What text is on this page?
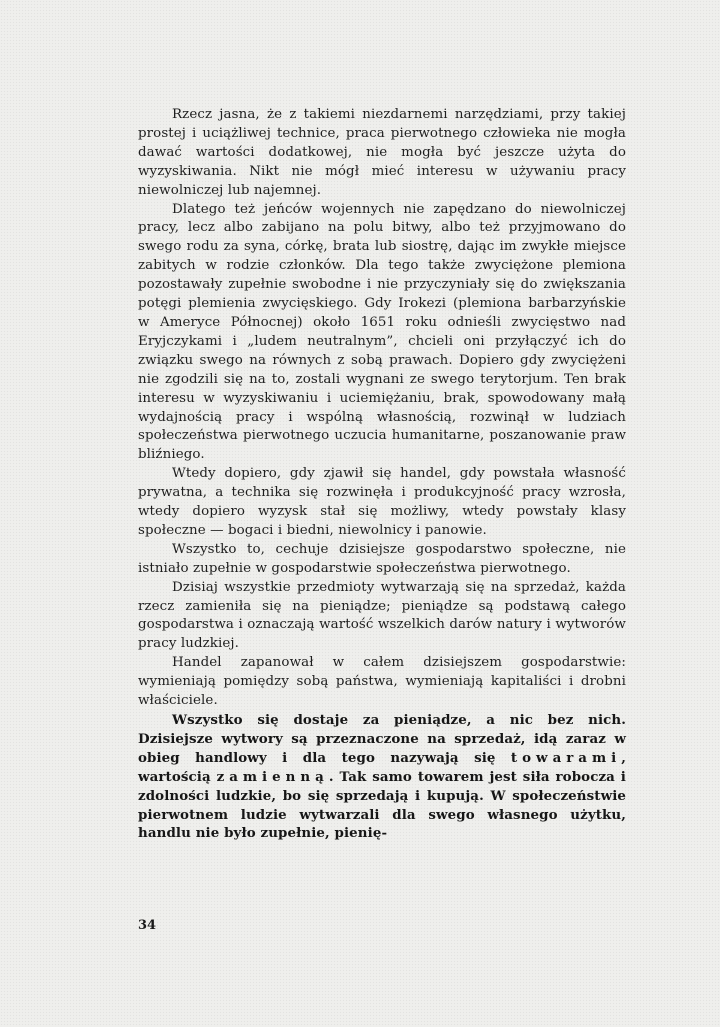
Rzecz jasna, że z takiemi niezdarnemi narzędziami, przy takiej prostej i uciążliwej technice, praca pierwotnego człowieka nie mogła dawać wartości dodatkowej, nie mogła być jeszcze użyta do wyzyskiwania. Nikt nie mógł mieć interesu w używaniu pracy niewolniczej lub najemnej.

Dlatego też jeńców wojennych nie zapędzano do niewolniczej pracy, lecz albo zabijano na polu bitwy, albo też przyjmowano do swego rodu za syna, córkę, brata lub siostrę, dając im zwykłe miejsce zabitych w rodzie członków. Dla tego także zwyciężone plemiona pozostawały zupełnie swobodne i nie przyczyniały się do zwiększania potęgi plemienia zwycięskiego. Gdy Irokezi (plemiona barbarzyńskie w Ameryce Północnej) około 1651 roku odnieśli zwycięstwo nad Eryjczykami i „ludem neutralnym”, chcieli oni przyłączyć ich do związku swego na równych z sobą prawach. Dopiero gdy zwyciężeni nie zgodzili się na to, zostali wygnani ze swego terytorjum. Ten brak interesu w wyzyskiwaniu i uciemiężaniu, brak, spowodowany małą wydajnością pracy i wspólną własnością, rozwinął w ludziach społeczeństwa pierwotnego uczucia humanitarne, poszanowanie praw bliźniego.

Wtedy dopiero, gdy zjawił się handel, gdy powstała własność prywatna, a technika się rozwinęła i produkcyjność pracy wzrosła, wtedy dopiero wyzysk stał się możliwy, wtedy powstały klasy społeczne — bogaci i biedni, niewolnicy i panowie.

Wszystko to, cechuje dzisiejsze gospodarstwo społeczne, nie istniało zupełnie w gospodarstwie społeczeństwa pierwotnego.

Dzisiaj wszystkie przedmioty wytwarzają się na sprzedaż, każda rzecz zamieniła się na pieniądze; pieniądze są podstawą całego gospodarstwa i oznaczają wartość wszelkich darów natury i wytworów pracy ludzkiej.

Handel zapanował w całem dzisiejszem gospodarstwie: wymieniają pomiędzy sobą państwa, wymieniają kapitaliści i drobni właściciele.

Wszystko się dostaje za pieniądze, a nic bez nich. Dzisiejsze wytwory są przeznaczone na sprzedaż, idą zaraz w obieg handlowy i dla tego nazywają się towarami, wartością zamienną. Tak samo towarem jest siła robocza i zdolności ludzkie, bo się sprzedają i kupują. W społeczeństwie pierwotnem ludzie wytwarzali dla swego własnego użytku, handlu nie było zupełnie, pienię-

34
